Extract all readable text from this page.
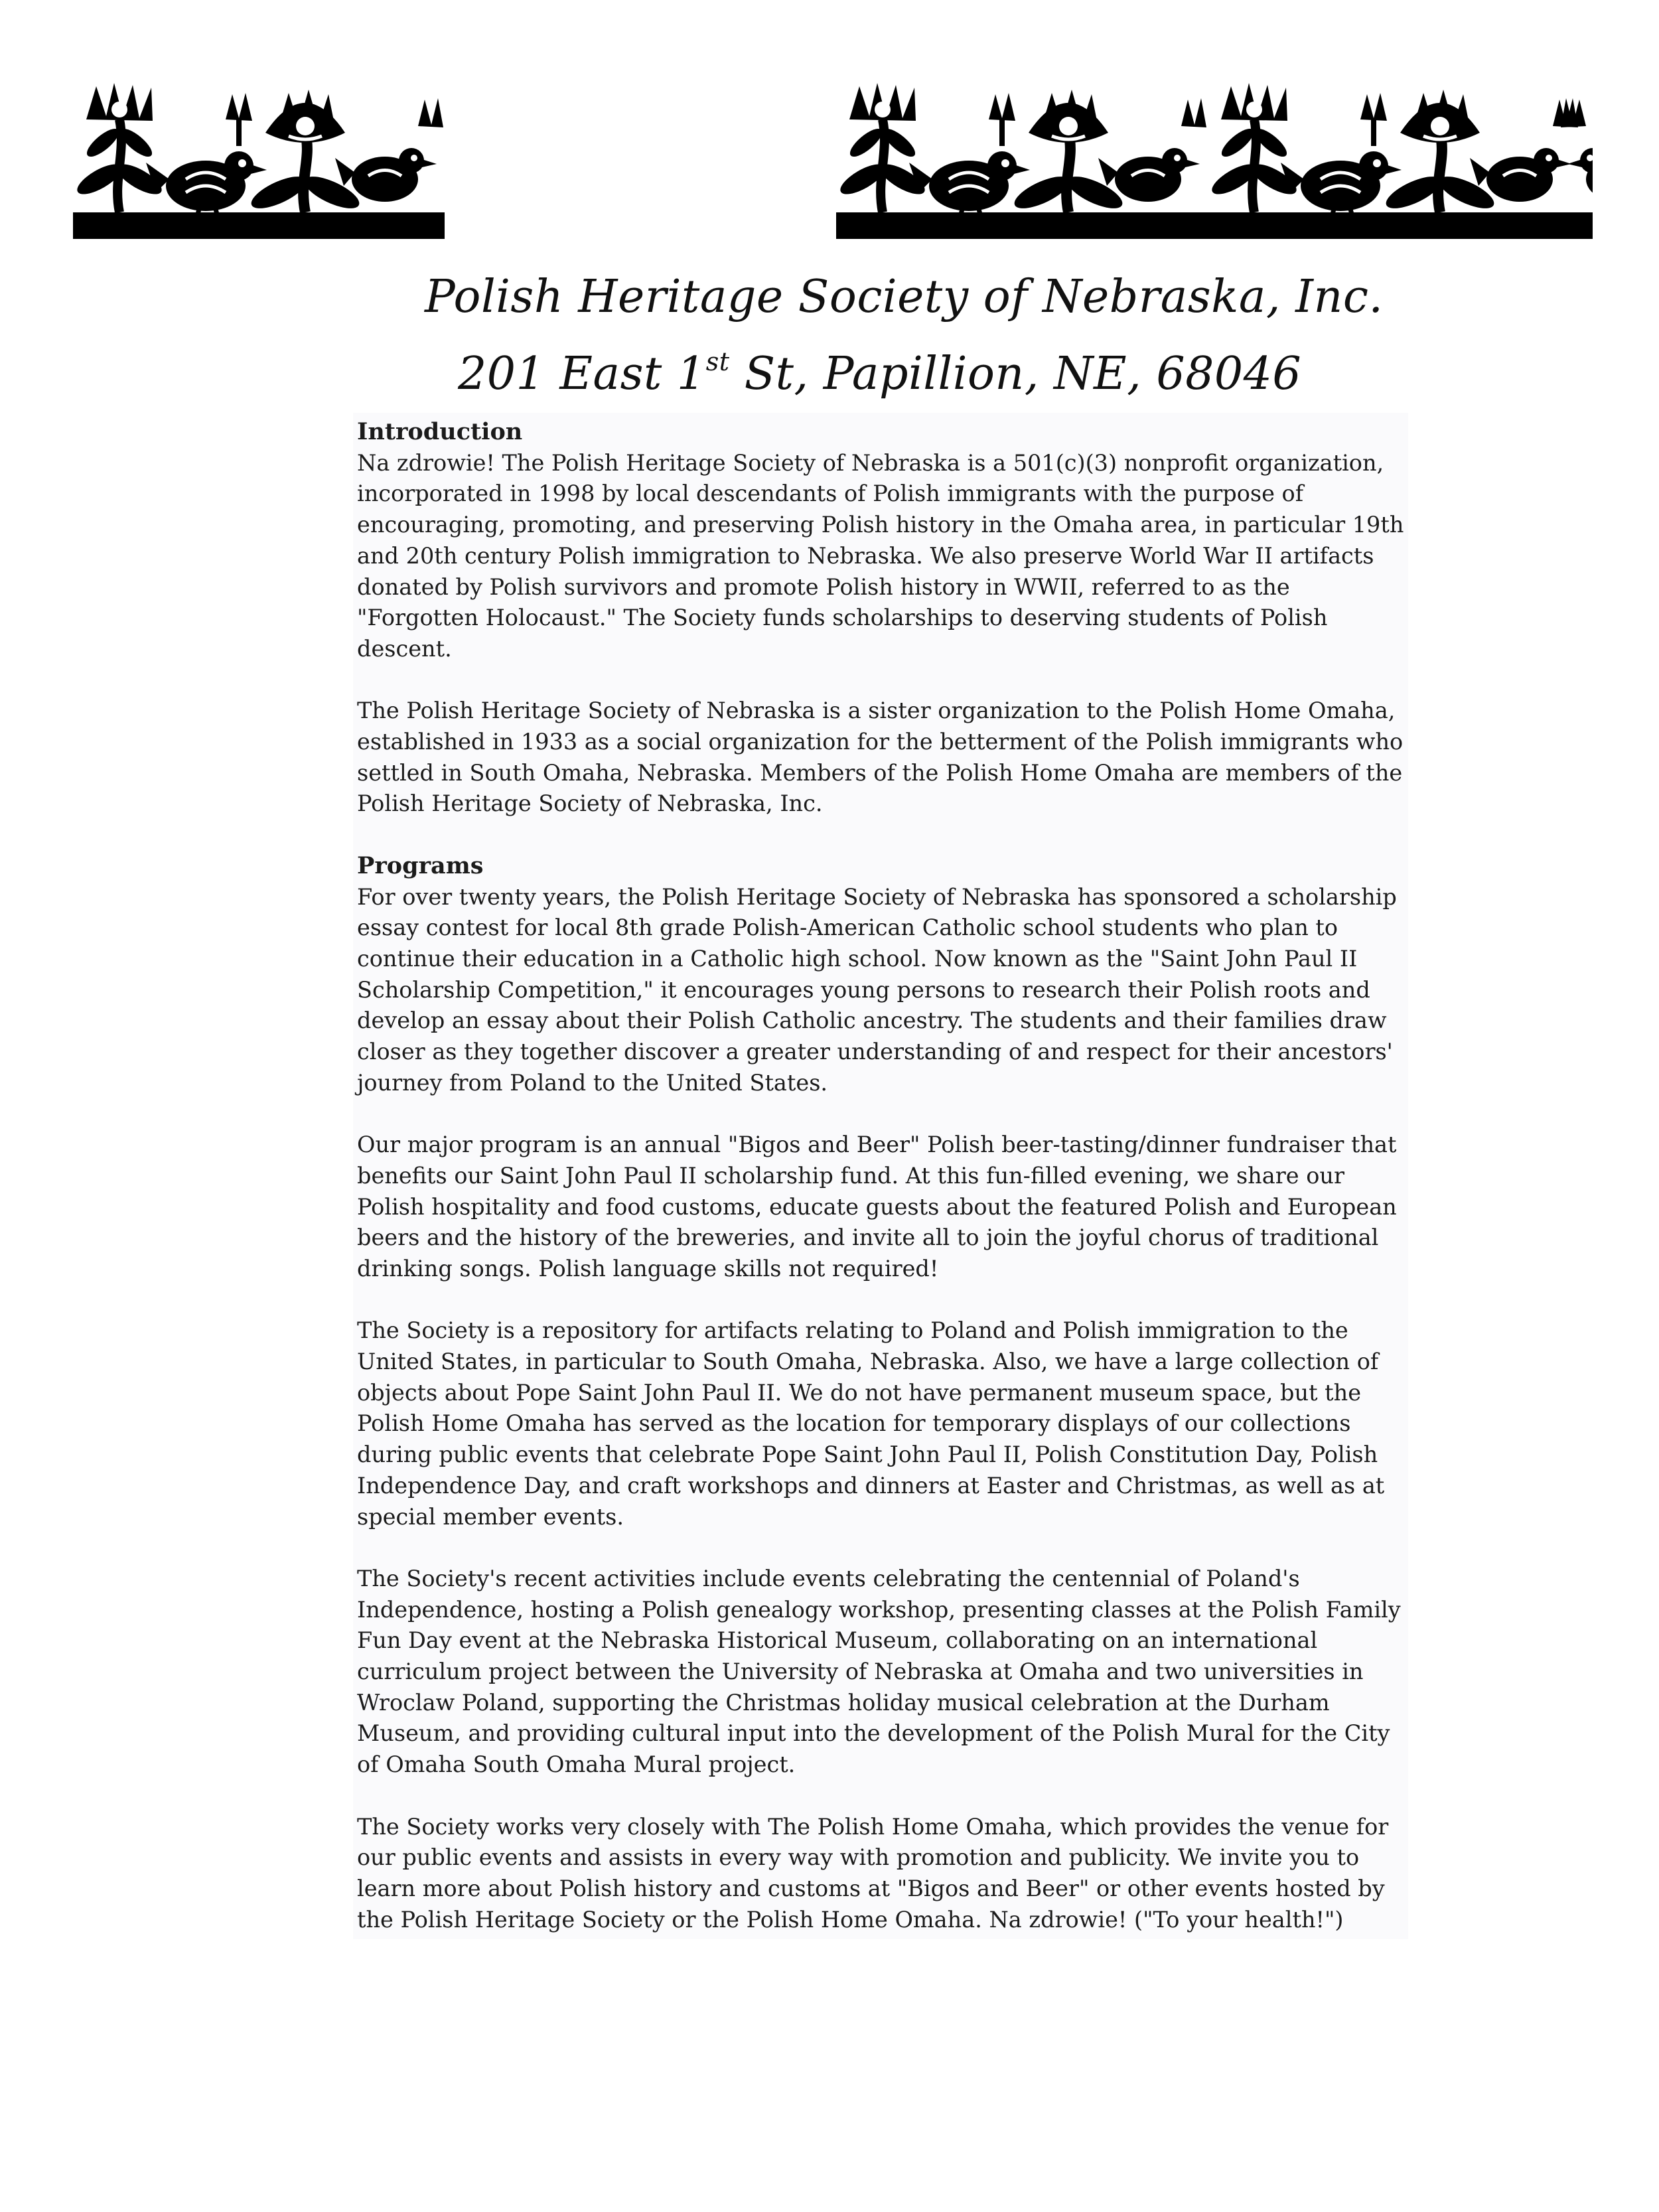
Polish Heritage Society of Nebraska, Inc.
201 East 1st St, Papillion, NE, 68046
Introduction

Na zdrowie! The Polish Heritage Society of Nebraska is a 501(c)(3) nonprofit organization, incorporated in 1998 by local descendants of Polish immigrants with the purpose of encouraging, promoting, and preserving Polish history in the Omaha area, in particular 19th and 20th century Polish immigration to Nebraska. We also preserve World War II artifacts donated by Polish survivors and promote Polish history in WWII, referred to as the "Forgotten Holocaust." The Society funds scholarships to deserving students of Polish descent.

The Polish Heritage Society of Nebraska is a sister organization to the Polish Home Omaha, established in 1933 as a social organization for the betterment of the Polish immigrants who settled in South Omaha, Nebraska. Members of the Polish Home Omaha are members of the Polish Heritage Society of Nebraska, Inc.

Programs

For over twenty years, the Polish Heritage Society of Nebraska has sponsored a scholarship essay contest for local 8th grade Polish-American Catholic school students who plan to continue their education in a Catholic high school. Now known as the "Saint John Paul II Scholarship Competition," it encourages young persons to research their Polish roots and develop an essay about their Polish Catholic ancestry. The students and their families draw closer as they together discover a greater understanding of and respect for their ancestors' journey from Poland to the United States.

Our major program is an annual "Bigos and Beer" Polish beer-tasting/dinner fundraiser that benefits our Saint John Paul II scholarship fund. At this fun-filled evening, we share our Polish hospitality and food customs, educate guests about the featured Polish and European beers and the history of the breweries, and invite all to join the joyful chorus of traditional drinking songs. Polish language skills not required!

The Society is a repository for artifacts relating to Poland and Polish immigration to the United States, in particular to South Omaha, Nebraska. Also, we have a large collection of objects about Pope Saint John Paul II. We do not have permanent museum space, but the Polish Home Omaha has served as the location for temporary displays of our collections during public events that celebrate Pope Saint John Paul II, Polish Constitution Day, Polish Independence Day, and craft workshops and dinners at Easter and Christmas, as well as at special member events.

The Society's recent activities include events celebrating the centennial of Poland's Independence, hosting a Polish genealogy workshop, presenting classes at the Polish Family Fun Day event at the Nebraska Historical Museum, collaborating on an international curriculum project between the University of Nebraska at Omaha and two universities in Wroclaw Poland, supporting the Christmas holiday musical celebration at the Durham Museum, and providing cultural input into the development of the Polish Mural for the City of Omaha South Omaha Mural project.

The Society works very closely with The Polish Home Omaha, which provides the venue for our public events and assists in every way with promotion and publicity. We invite you to learn more about Polish history and customs at "Bigos and Beer" or other events hosted by the Polish Heritage Society or the Polish Home Omaha. Na zdrowie! ("To your health!")
